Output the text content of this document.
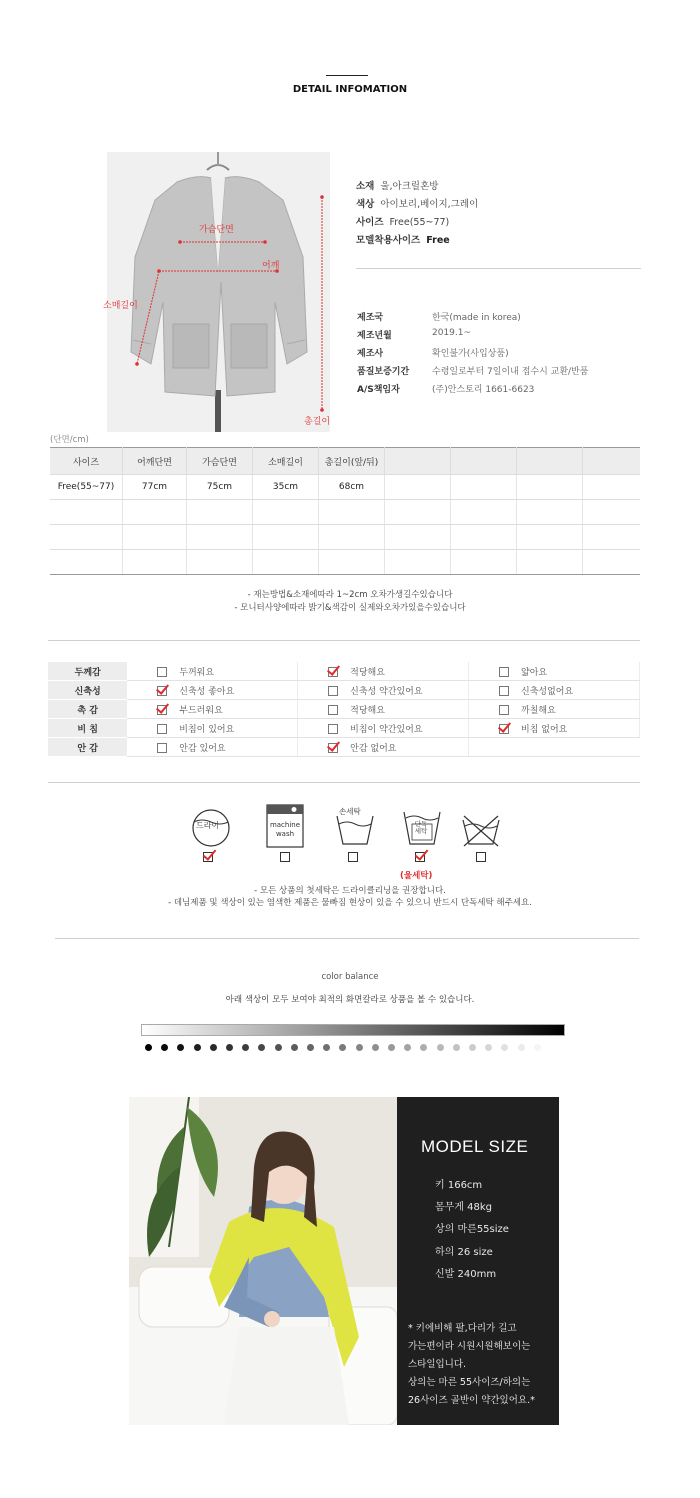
DETAIL INFOMATION
가슴단면
어깨
총길이
소매길이
소재 울,아크릴혼방
색상 아이보리,베이지,그레이
사이즈 Free(55~77)
모델착용사이즈 Free
제조국	한국(made in korea)
제조년월	2019.1~
제조사	확인불가(사입상품)
품질보증기간	수령일로부터 7일이내 접수시 교환/반품
A/S책임자	(주)안스토리 1661-6623
(단면/cm)
사이즈	어깨단면	가슴단면	소매길이	총길이(앞/뒤)				
Free(55~77)	77cm	75cm	35cm	68cm				

- 재는방법&소재에따라 1~2cm 오차가생길수있습니다
- 모니터사양에따라 밝기&색감이 실제와오차가있을수있습니다
두께감		두꺼워요		적당해요		얇아요
신축성		신축성 좋아요		신축성 약간있어요		신축성없어요
촉 감		부드러워요		적당해요		까칠해요
비 침		비침이 있어요		비침이 약간있어요		비침 없어요
안 감		안감 있어요		안감 없어요		
드라이	machine
wash
손세탁
단독
세탁
(울세탁)
- 모든 상품의 첫세탁은 드라이클리닝을 권장합니다.
- 데님제품 및 색상이 있는 염색한 제품은 물빠짐 현상이 있을 수 있으니 반드시 단독세탁 해주세요.
color balance
아래 색상이 모두 보여야 최적의 화면칼라로 상품을 볼 수 있습니다.
MODEL SIZE
키 166cm
몸무게 48kg
상의 마른55size
하의 26 size
신발 240mm
* 키에비해 팔,다리가 길고
가는편이라 시원시원해보이는
스타일입니다.
상의는 마른 55사이즈/하의는
26사이즈 골반이 약간있어요.*
